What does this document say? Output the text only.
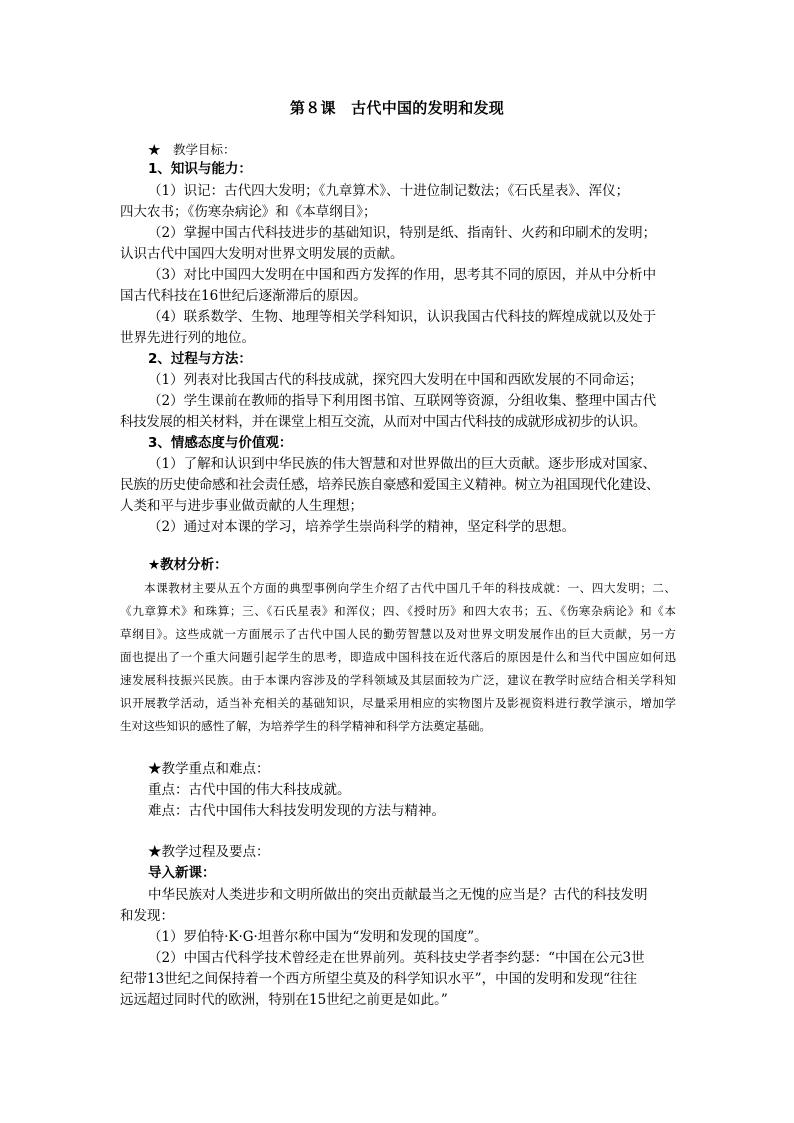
第８课　古代中国的发明和发现
★　教学目标：
1、知识与能力：
（1）识记：古代四大发明；《九章算术》、十进位制记数法；《石氏星表》、浑仪；
四大农书；《伤寒杂病论》和《本草纲目》；
（2）掌握中国古代科技进步的基础知识，特别是纸、指南针、火药和印刷术的发明；
认识古代中国四大发明对世界文明发展的贡献。
（3）对比中国四大发明在中国和西方发挥的作用，思考其不同的原因，并从中分析中
国古代科技在16世纪后逐渐滞后的原因。
（4）联系数学、生物、地理等相关学科知识，认识我国古代科技的辉煌成就以及处于
世界先进行列的地位。
2、过程与方法：
（1）列表对比我国古代的科技成就，探究四大发明在中国和西欧发展的不同命运；
（2）学生课前在教师的指导下利用图书馆、互联网等资源，分组收集、整理中国古代
科技发展的相关材料，并在课堂上相互交流，从而对中国古代科技的成就形成初步的认识。
3、情感态度与价值观：
（1）了解和认识到中华民族的伟大智慧和对世界做出的巨大贡献。逐步形成对国家、
民族的历史使命感和社会责任感，培养民族自豪感和爱国主义精神。树立为祖国现代化建设、
人类和平与进步事业做贡献的人生理想；
（2）通过对本课的学习，培养学生崇尚科学的精神，坚定科学的思想。
★教材分析：
本课教材主要从五个方面的典型事例向学生介绍了古代中国几千年的科技成就：一、四大发明；二、
《九章算术》和珠算；三、《石氏星表》和浑仪；四、《授时历》和四大农书；五、《伤寒杂病论》和《本
草纲目》。这些成就一方面展示了古代中国人民的勤劳智慧以及对世界文明发展作出的巨大贡献，另一方
面也提出了一个重大问题引起学生的思考，即造成中国科技在近代落后的原因是什么和当代中国应如何迅
速发展科技振兴民族。由于本课内容涉及的学科领域及其层面较为广泛，建议在教学时应结合相关学科知
识开展教学活动，适当补充相关的基础知识，尽量采用相应的实物图片及影视资料进行教学演示，增加学
生对这些知识的感性了解，为培养学生的科学精神和科学方法奠定基础。
★教学重点和难点：
重点：古代中国的伟大科技成就。
难点：古代中国伟大科技发明发现的方法与精神。
★教学过程及要点：
导入新课：
中华民族对人类进步和文明所做出的突出贡献最当之无愧的应当是？古代的科技发明
和发现：
（1）罗伯特·K·G·坦普尔称中国为“发明和发现的国度”。
（2）中国古代科学技术曾经走在世界前列。英科技史学者李约瑟：“中国在公元3世
纪带13世纪之间保持着一个西方所望尘莫及的科学知识水平”，中国的发明和发现“往往
远远超过同时代的欧洲，特别在15世纪之前更是如此。”
